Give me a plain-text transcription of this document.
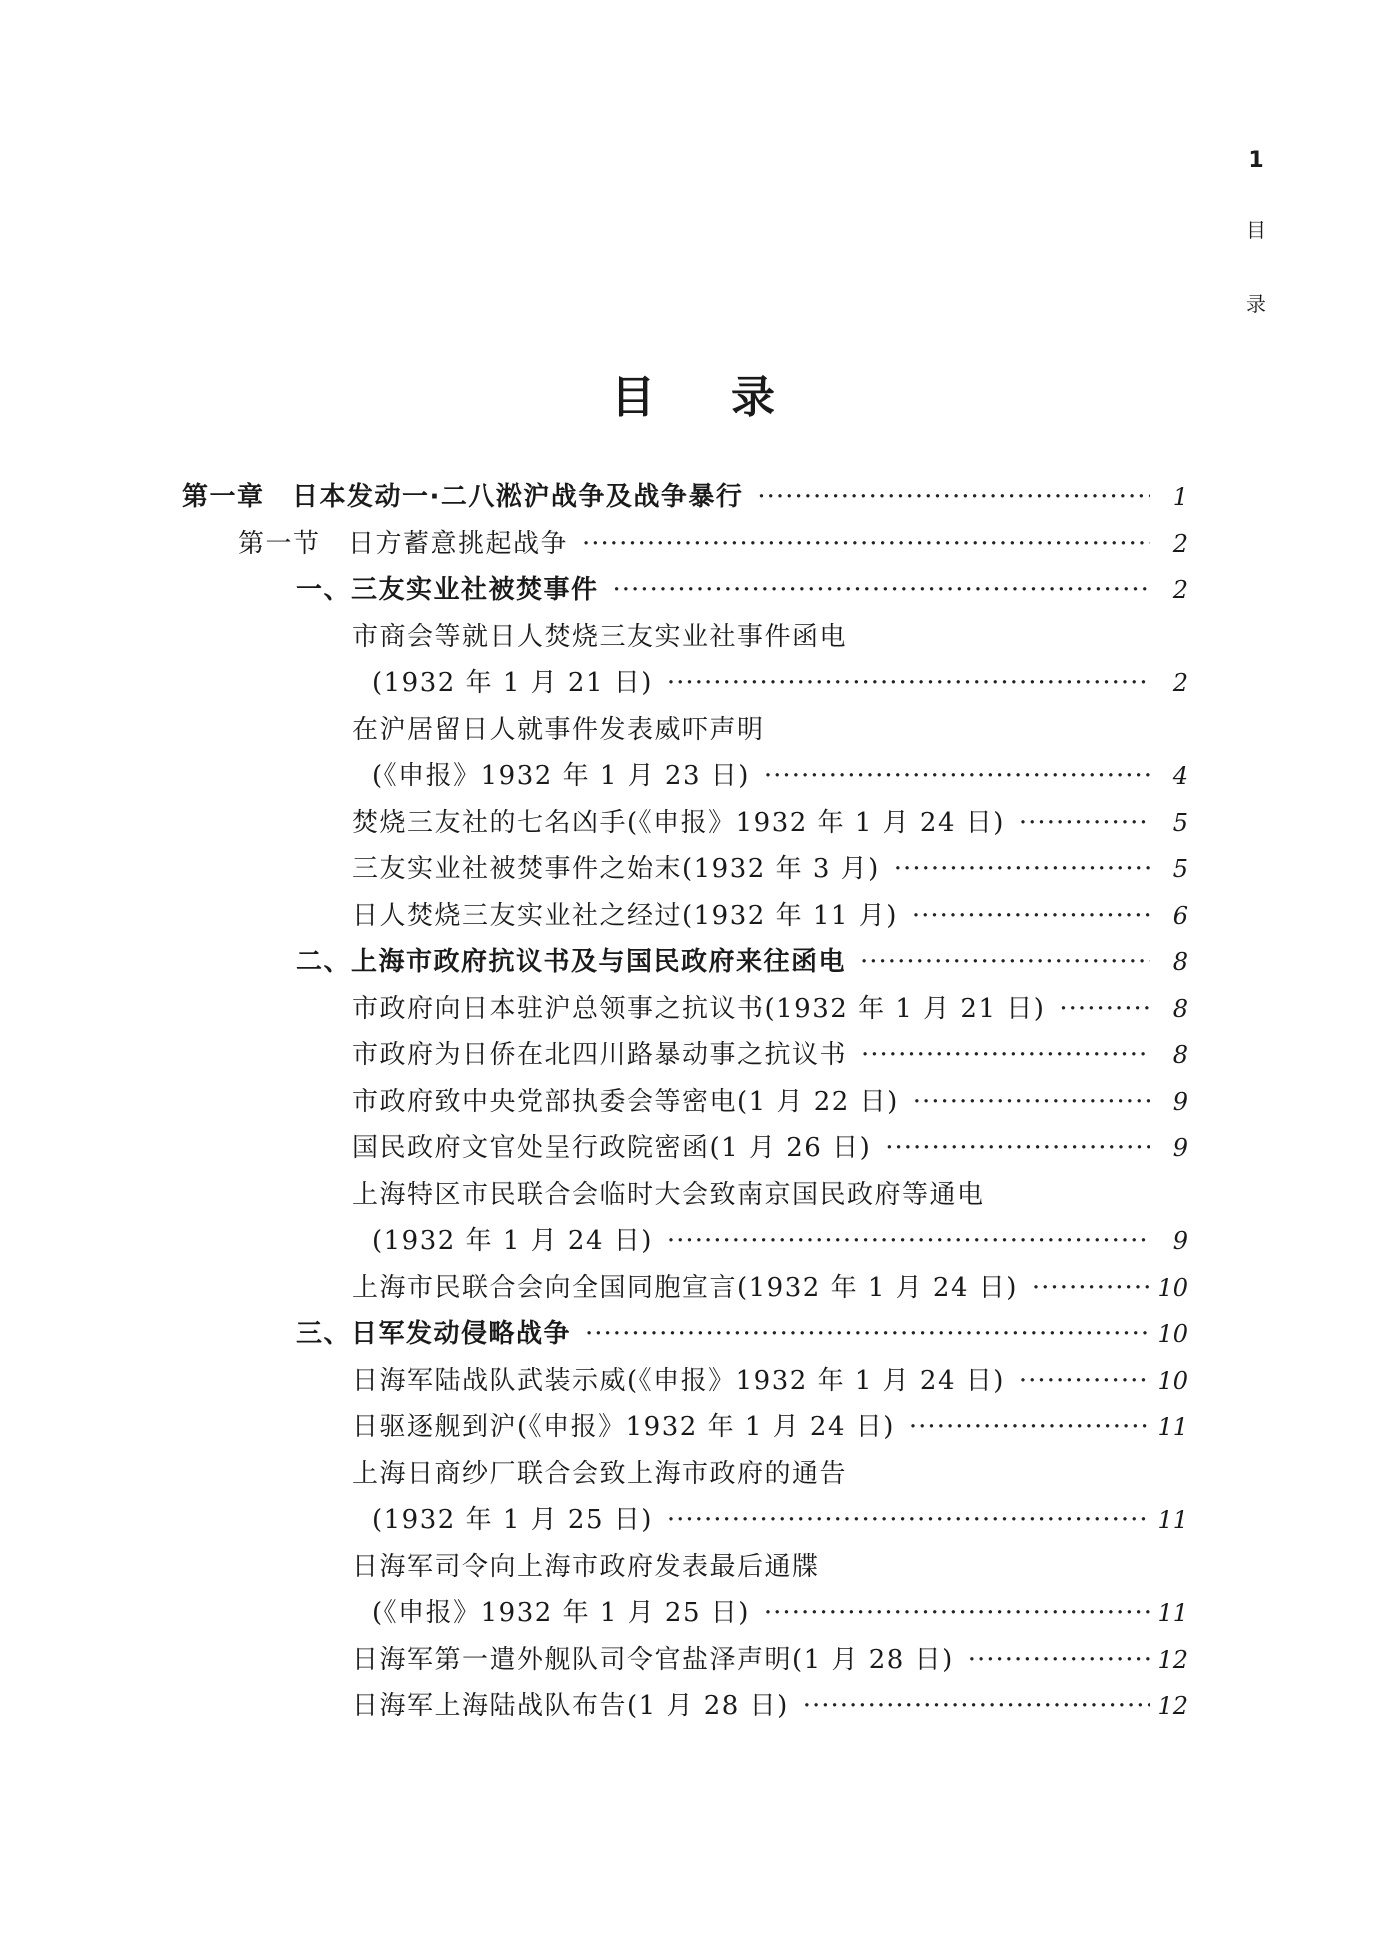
1
目
录
目 录
第一章　日本发动一·二八淞沪战争及战争暴行 ·····	1
第一节　日方蓄意挑起战争 ·····	2
一、三友实业社被焚事件 ·····	2
市商会等就日人焚烧三友实业社事件函电
(1932 年 1 月 21 日) ·····	2
在沪居留日人就事件发表威吓声明
(《申报》1932 年 1 月 23 日) ·····	4
焚烧三友社的七名凶手(《申报》1932 年 1 月 24 日) ·····	5
三友实业社被焚事件之始末(1932 年 3 月) ·····	5
日人焚烧三友实业社之经过(1932 年 11 月) ·····	6
二、上海市政府抗议书及与国民政府来往函电 ·····	8
市政府向日本驻沪总领事之抗议书(1932 年 1 月 21 日) ·····	8
市政府为日侨在北四川路暴动事之抗议书 ·····	8
市政府致中央党部执委会等密电(1 月 22 日) ·····	9
国民政府文官处呈行政院密函(1 月 26 日) ·····	9
上海特区市民联合会临时大会致南京国民政府等通电
(1932 年 1 月 24 日) ·····	9
上海市民联合会向全国同胞宣言(1932 年 1 月 24 日) ·····	10
三、日军发动侵略战争 ·····	10
日海军陆战队武装示威(《申报》1932 年 1 月 24 日) ·····	10
日驱逐舰到沪(《申报》1932 年 1 月 24 日) ·····	11
上海日商纱厂联合会致上海市政府的通告
(1932 年 1 月 25 日) ·····	11
日海军司令向上海市政府发表最后通牒
(《申报》1932 年 1 月 25 日) ·····	11
日海军第一遣外舰队司令官盐泽声明(1 月 28 日) ·····	12
日海军上海陆战队布告(1 月 28 日) ·····	12
